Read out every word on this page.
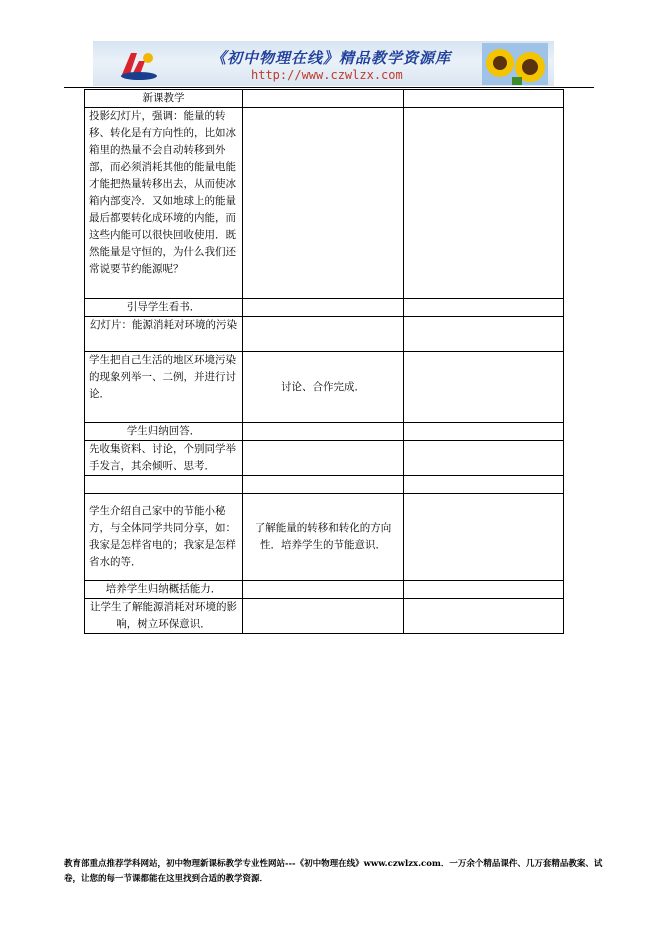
《初中物理在线》精品教学资源库
http://www.czwlzx.com
新课教学		
投影幻灯片，强调：能量的转移、转化是有方向性的，比如冰箱里的热量不会自动转移到外部，而必须消耗其他的能量电能才能把热量转移出去，从而使冰箱内部变冷．又如地球上的能量最后都要转化成环境的内能，而这些内能可以很快回收使用．既然能量是守恒的，为什么我们还常说要节约能源呢？		
引导学生看书．		
幻灯片：能源消耗对环境的污染		
学生把自己生活的地区环境污染的现象列举一、二例，并进行讨论．	讨论、合作完成．	
学生归纳回答．		
先收集资料、讨论，个别同学举手发言，其余倾听、思考．		

学生介绍自己家中的节能小秘方，与全体同学共同分享，如：我家是怎样省电的；我家是怎样省水的等．	了解能量的转移和转化的方向性．培养学生的节能意识．	
培养学生归纳概括能力．		
让学生了解能源消耗对环境的影响，树立环保意识．		
教育部重点推荐学科网站，初中物理新课标教学专业性网站---《初中物理在线》www.czwlzx.com．一万余个精品课件、几万套精品教案、试卷，让您的每一节课都能在这里找到合适的教学资源．
